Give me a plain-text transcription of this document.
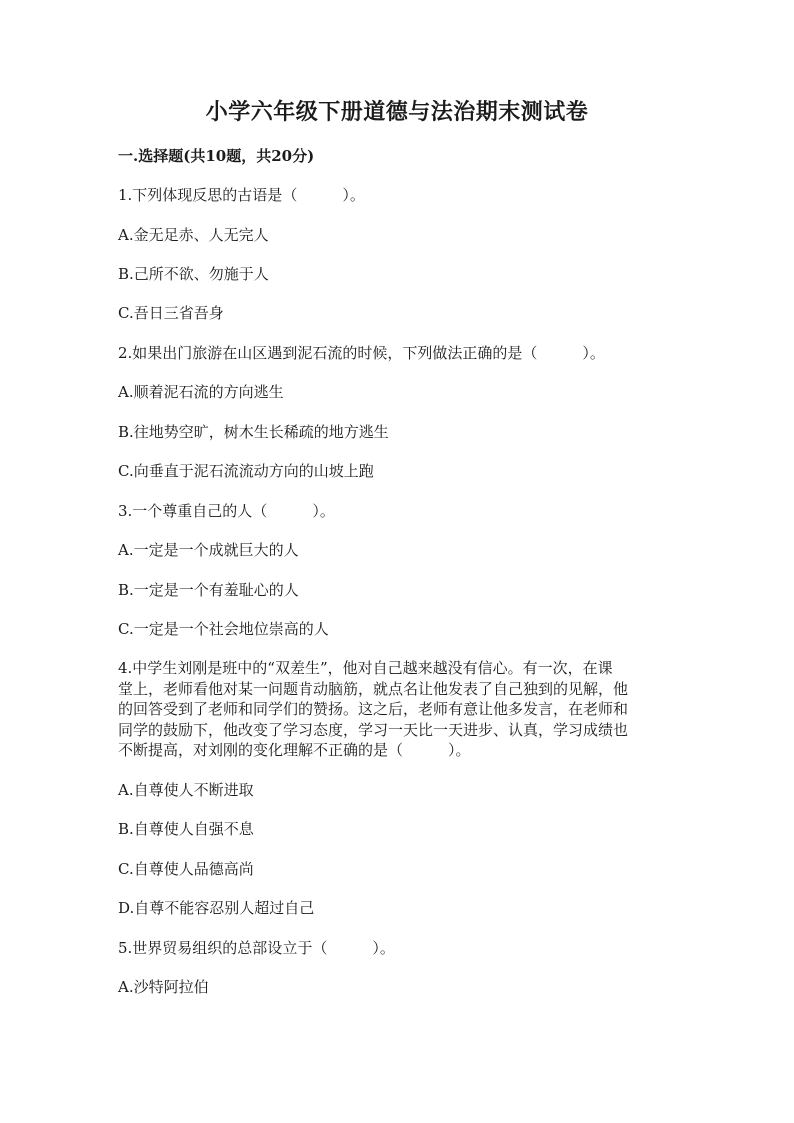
小学六年级下册道德与法治期末测试卷
一.选择题(共10题，共20分)
1.下列体现反思的古语是（　　　）。
A.金无足赤、人无完人
B.己所不欲、勿施于人
C.吾日三省吾身
2.如果出门旅游在山区遇到泥石流的时候，下列做法正确的是（　　　）。
A.顺着泥石流的方向逃生
B.往地势空旷，树木生长稀疏的地方逃生
C.向垂直于泥石流流动方向的山坡上跑
3.一个尊重自己的人（　　　）。
A.一定是一个成就巨大的人
B.一定是一个有羞耻心的人
C.一定是一个社会地位崇高的人
4.中学生刘刚是班中的“双差生”，他对自己越来越没有信心。有一次，在课
堂上，老师看他对某一问题肯动脑筋，就点名让他发表了自己独到的见解，他
的回答受到了老师和同学们的赞扬。这之后，老师有意让他多发言，在老师和
同学的鼓励下，他改变了学习态度，学习一天比一天进步、认真，学习成绩也
不断提高，对刘刚的变化理解不正确的是（　　　）。
A.自尊使人不断进取
B.自尊使人自强不息
C.自尊使人品德高尚
D.自尊不能容忍别人超过自己
5.世界贸易组织的总部设立于（　　　）。
A.沙特阿拉伯
